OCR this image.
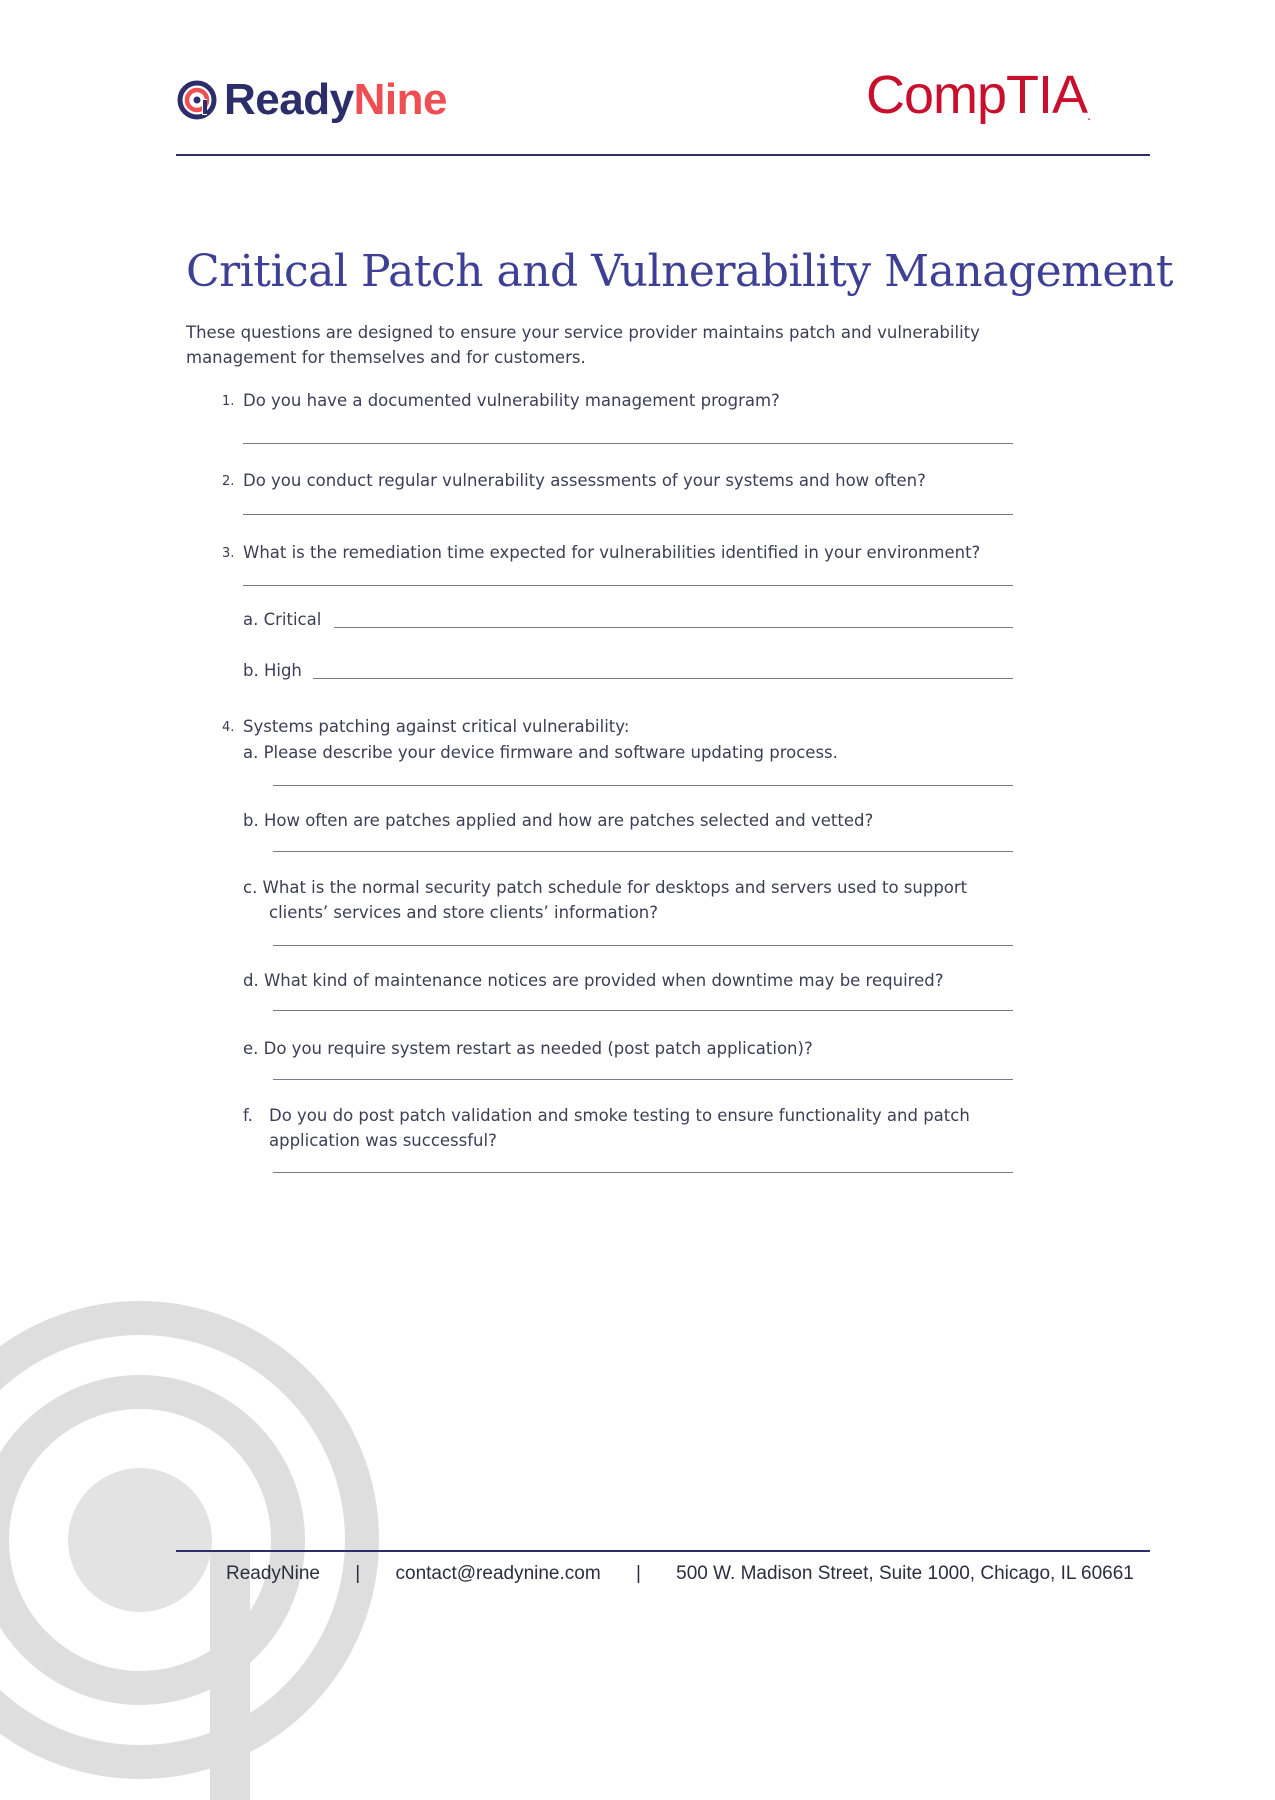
ReadyNine	CompTIA.
Critical Patch and Vulnerability Management
These questions are designed to ensure your service provider maintains patch and vulnerability management for themselves and for customers.
1. Do you have a documented vulnerability management program?
2. Do you conduct regular vulnerability assessments of your systems and how often?
3. What is the remediation time expected for vulnerabilities identified in your environment?
a. Critical
b. High
4. Systems patching against critical vulnerability:
a. Please describe your device firmware and software updating process.
b. How often are patches applied and how are patches selected and vetted?
c. What is the normal security patch schedule for desktops and servers used to support
clients’ services and store clients’ information?
d. What kind of maintenance notices are provided when downtime may be required?
e. Do you require system restart as needed (post patch application)?
f. Do you do post patch validation and smoke testing to ensure functionality and patch
application was successful?
ReadyNine | contact@readynine.com | 500 W. Madison Street, Suite 1000, Chicago, IL 60661
